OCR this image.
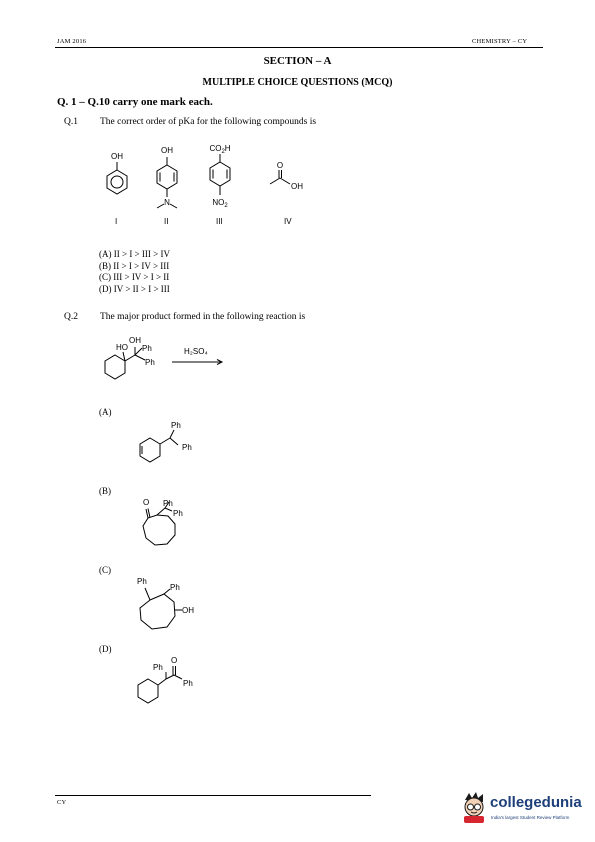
JAM 2016	CHEMISTRY – CY
SECTION – A
MULTIPLE CHOICE QUESTIONS (MCQ)
Q. 1 – Q.10 carry one mark each.
Q.1 The correct order of pKa for the following compounds is
OH
OH
N
$CO_2H$
$NO_2$
O
OH
I	II	III	IV
(A) II > I > III > IV
(B) II > I > IV > III
(C) III > IV > I > II
(D) IV > II > I > III
Q.2 The major product formed in the following reaction is
OH
HO Ph
Ph
H₂SO₄
(A)
Ph
Ph
(B)
O Ph
Ph
(C)
Ph
Ph
OH
(D)
Ph
O
Ph
CY	collegedunia
India's largest Student Review Platform
